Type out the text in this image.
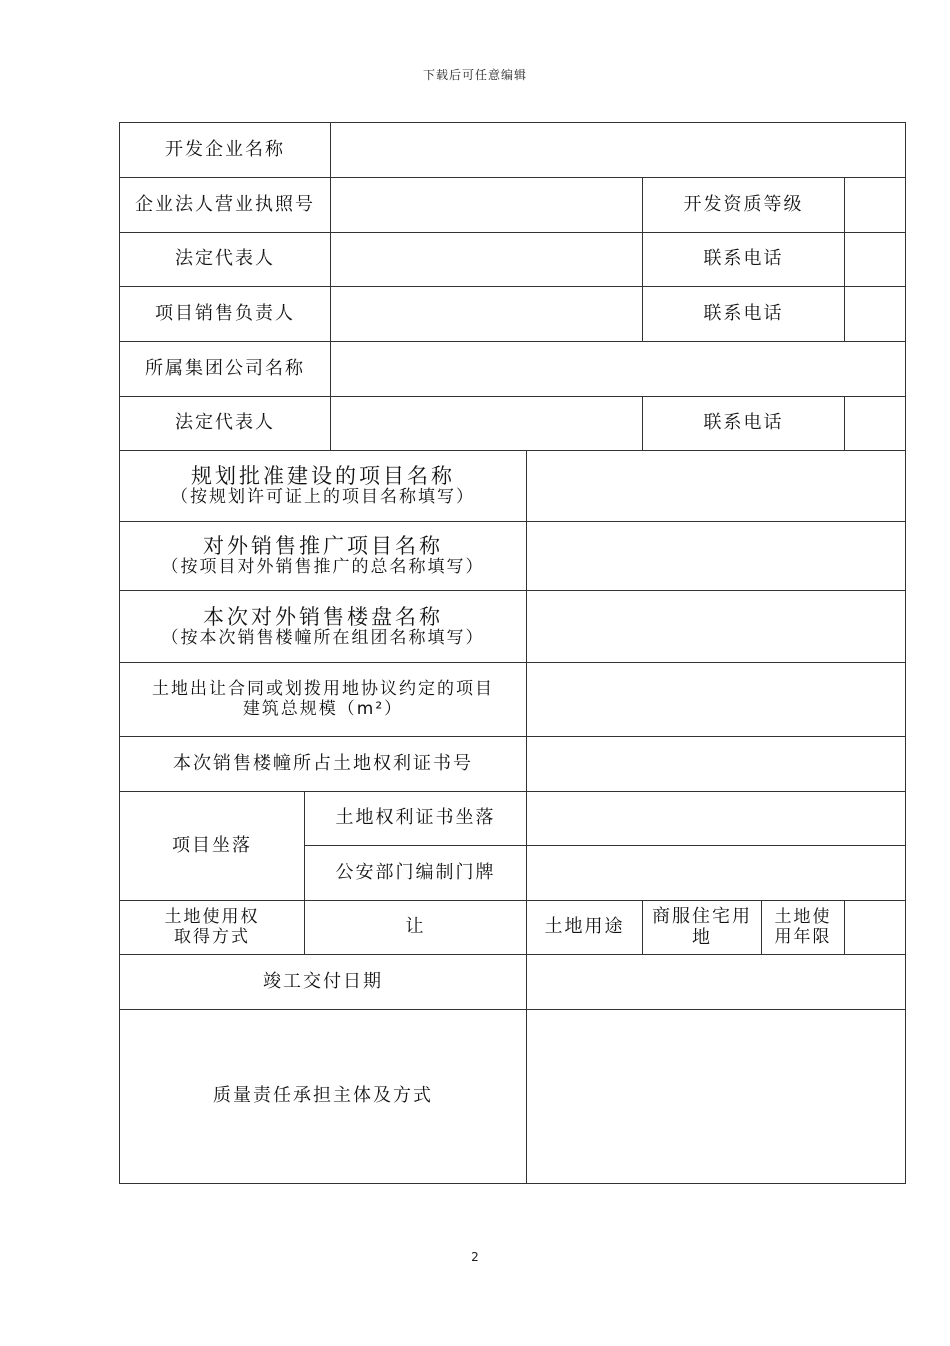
下载后可任意编辑
开发企业名称						
企业法人营业执照号				开发资质等级		
法定代表人				联系电话		
项目销售负责人				联系电话		
所属集团公司名称						
法定代表人				联系电话		

规划批准建设的项目名称
（按规划许可证上的项目名称填写）						

对外销售推广项目名称
（按项目对外销售推广的总名称填写）						

本次对外销售楼盘名称
（按本次销售楼幢所在组团名称填写）						

土地出让合同或划拨用地协议约定的项目
建筑总规模（m²）						

本次销售楼幢所占土地权利证书号						
项目坐落	土地权利证书坐落					
	公安部门编制门牌					

土地使用权
取得方式	让		土地用途	商服住宅用地	土地使
用年限	

竣工交付日期						
质量责任承担主体及方式						
2
